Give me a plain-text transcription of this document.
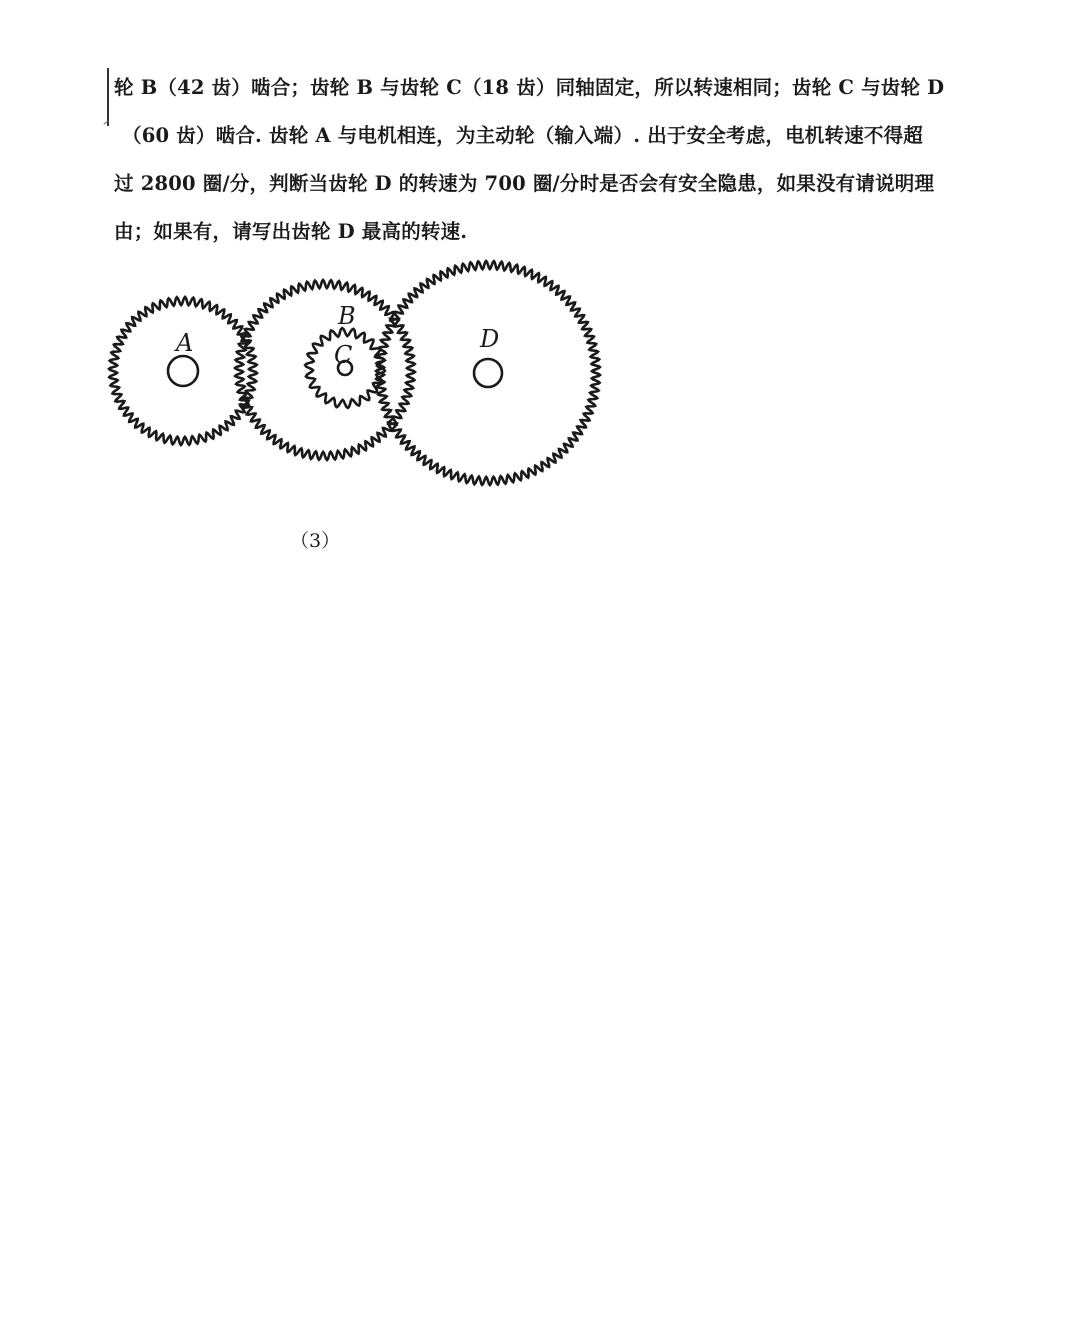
轮 B（42 齿）啮合；齿轮 B 与齿轮 C（18 齿）同轴固定，所以转速相同；齿轮 C 与齿轮 D
（60 齿）啮合. 齿轮 A 与电机相连，为主动轮（输入端）. 出于安全考虑，电机转速不得超
过 2800 圈/分，判断当齿轮 D 的转速为 700 圈/分时是否会有安全隐患，如果没有请说明理
由；如果有，请写出齿轮 D 最高的转速.
A
B
C
D
（3）
